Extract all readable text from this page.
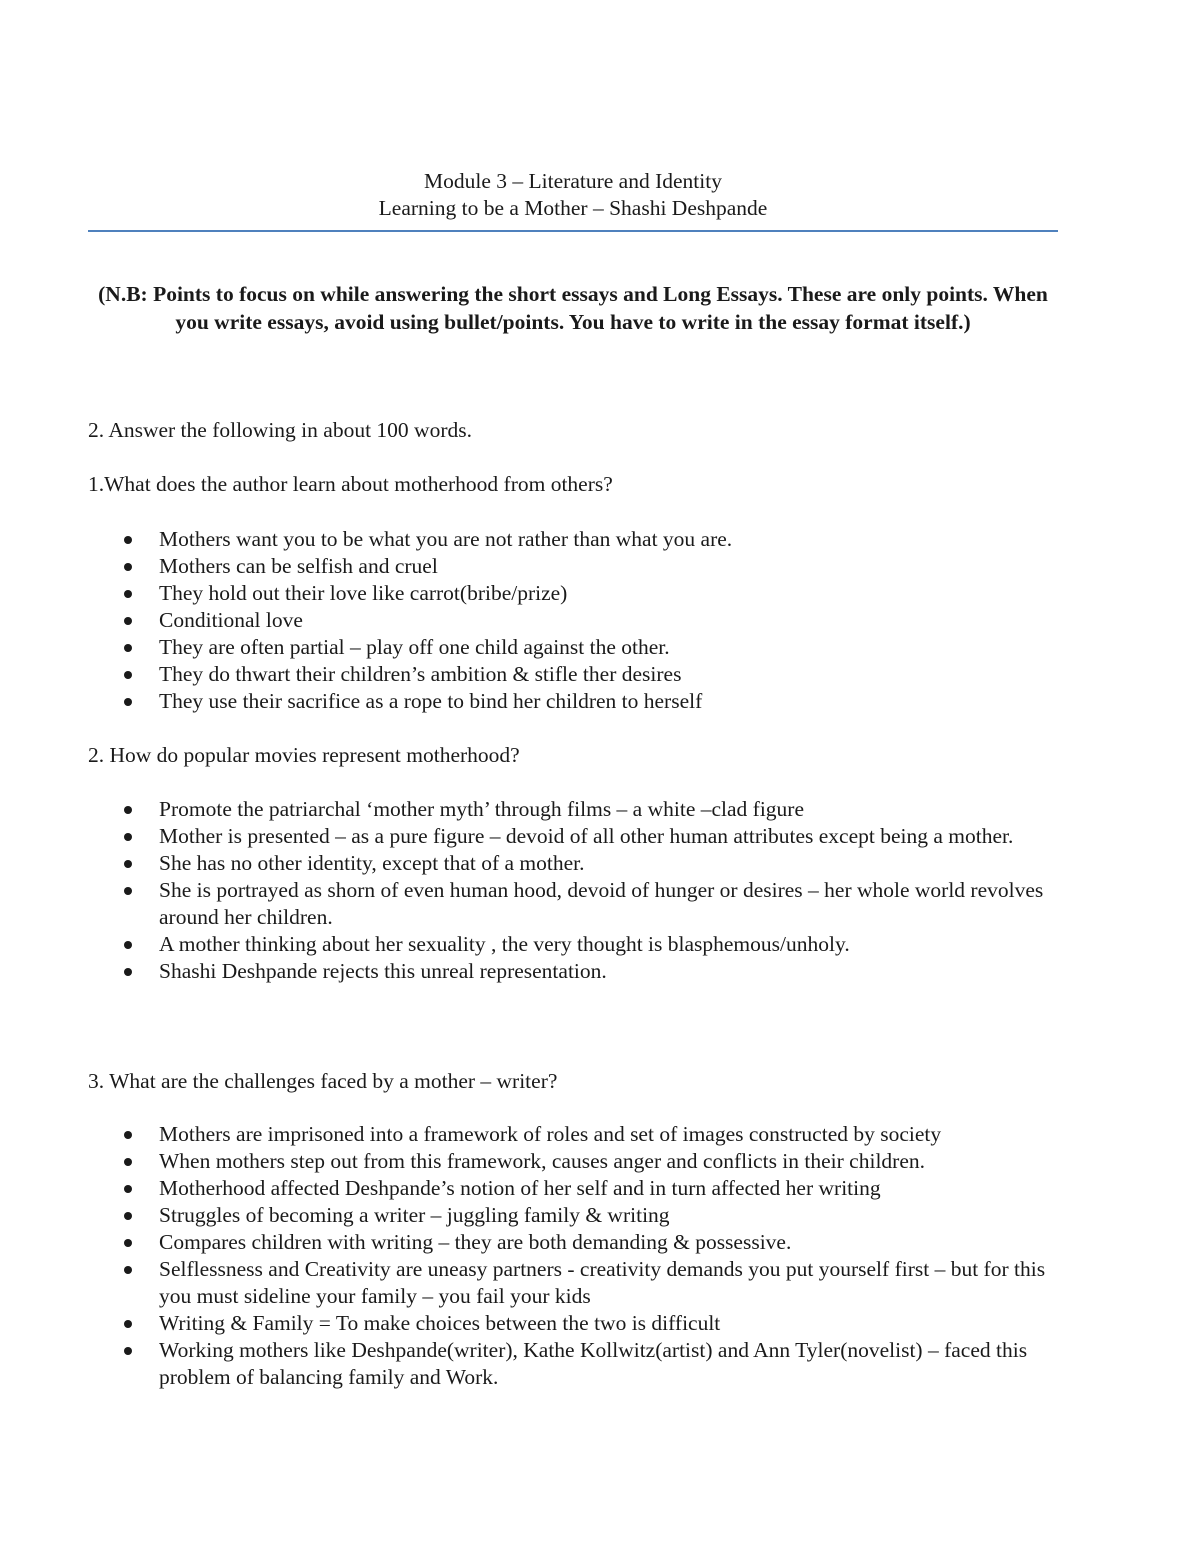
Module 3 – Literature and Identity
Learning to be a Mother – Shashi Deshpande
(N.B: Points to focus on while answering the short essays and Long Essays. These are only points. When you write essays, avoid using bullet/points. You have to write in the essay format itself.)
2. Answer the following in about 100 words.
1.What does the author learn about motherhood from others?
Mothers want you to be what you are not rather than what you are.
Mothers can be selfish and cruel
They hold out their love like carrot(bribe/prize)
Conditional love
They are often partial – play off one child against the other.
They do thwart their children’s ambition & stifle ther desires
They use their sacrifice as a rope to bind her children to herself
2. How do popular movies represent motherhood?
Promote the patriarchal ‘mother myth’ through films – a white –clad figure
Mother is presented – as a pure figure – devoid of all other human attributes except being a mother.
She has no other identity, except that of a mother.
She is portrayed as shorn of even human hood, devoid of hunger or desires – her whole world revolves around her children.
A mother thinking about her sexuality , the very thought is blasphemous/unholy.
Shashi Deshpande rejects this unreal representation.
3. What are the challenges faced by a mother – writer?
Mothers are imprisoned into a framework of roles and set of images constructed by society
When mothers step out from this framework, causes anger and conflicts in their children.
Motherhood affected Deshpande’s notion of her self and in turn affected her writing
Struggles of becoming a writer – juggling family & writing
Compares children with writing – they are both demanding & possessive.
Selflessness and Creativity are uneasy partners - creativity demands you put yourself first – but for this you must sideline your family – you fail your kids
Writing & Family = To make choices between the two is difficult
Working mothers like Deshpande(writer), Kathe Kollwitz(artist) and Ann Tyler(novelist) – faced this problem of balancing family and Work.
